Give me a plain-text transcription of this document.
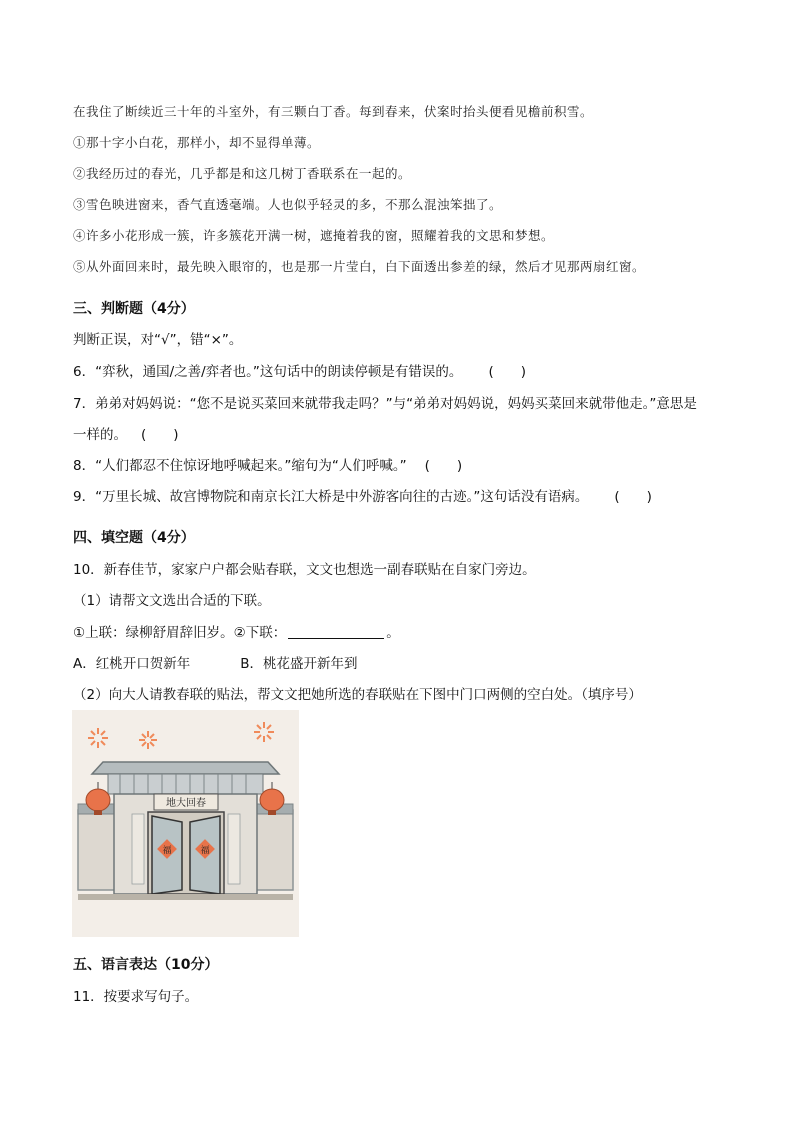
在我住了断续近三十年的斗室外，有三颗白丁香。每到春来，伏案时抬头便看见檐前积雪。
①那十字小白花，那样小，却不显得单薄。
②我经历过的春光，几乎都是和这几树丁香联系在一起的。
③雪色映进窗来，香气直透毫端。人也似乎轻灵的多，不那么混浊笨拙了。
④许多小花形成一簇，许多簇花开满一树，遮掩着我的窗，照耀着我的文思和梦想。
⑤从外面回来时，最先映入眼帘的，也是那一片莹白，白下面透出参差的绿，然后才见那两扇红窗。
三、判断题（4分）
判断正误，对“√”，错“×”。
6．“弈秋，通国/之善/弈者也。”这句话中的朗读停顿是有错误的。 (　　)
7．弟弟对妈妈说：“您不是说买菜回来就带我走吗？”与“弟弟对妈妈说，妈妈买菜回来就带他走。”意思是
一样的。 (　　)
8．“人们都忍不住惊讶地呼喊起来。”缩句为“人们呼喊。” (　　)
9．“万里长城、故宫博物院和南京长江大桥是中外游客向往的古迹。”这句话没有语病。 (　　)
四、填空题（4分）
10．新春佳节，家家户户都会贴春联，文文也想选一副春联贴在自家门旁边。
（1）请帮文文选出合适的下联。
①上联：绿柳舒眉辞旧岁。②下联：	。
A．红桃开口贺新年	B．桃花盛开新年到
（2）向大人请教春联的贴法，帮文文把她所选的春联贴在下图中门口两侧的空白处。（填序号）
地大回春
福	福
五、语言表达（10分）
11．按要求写句子。
